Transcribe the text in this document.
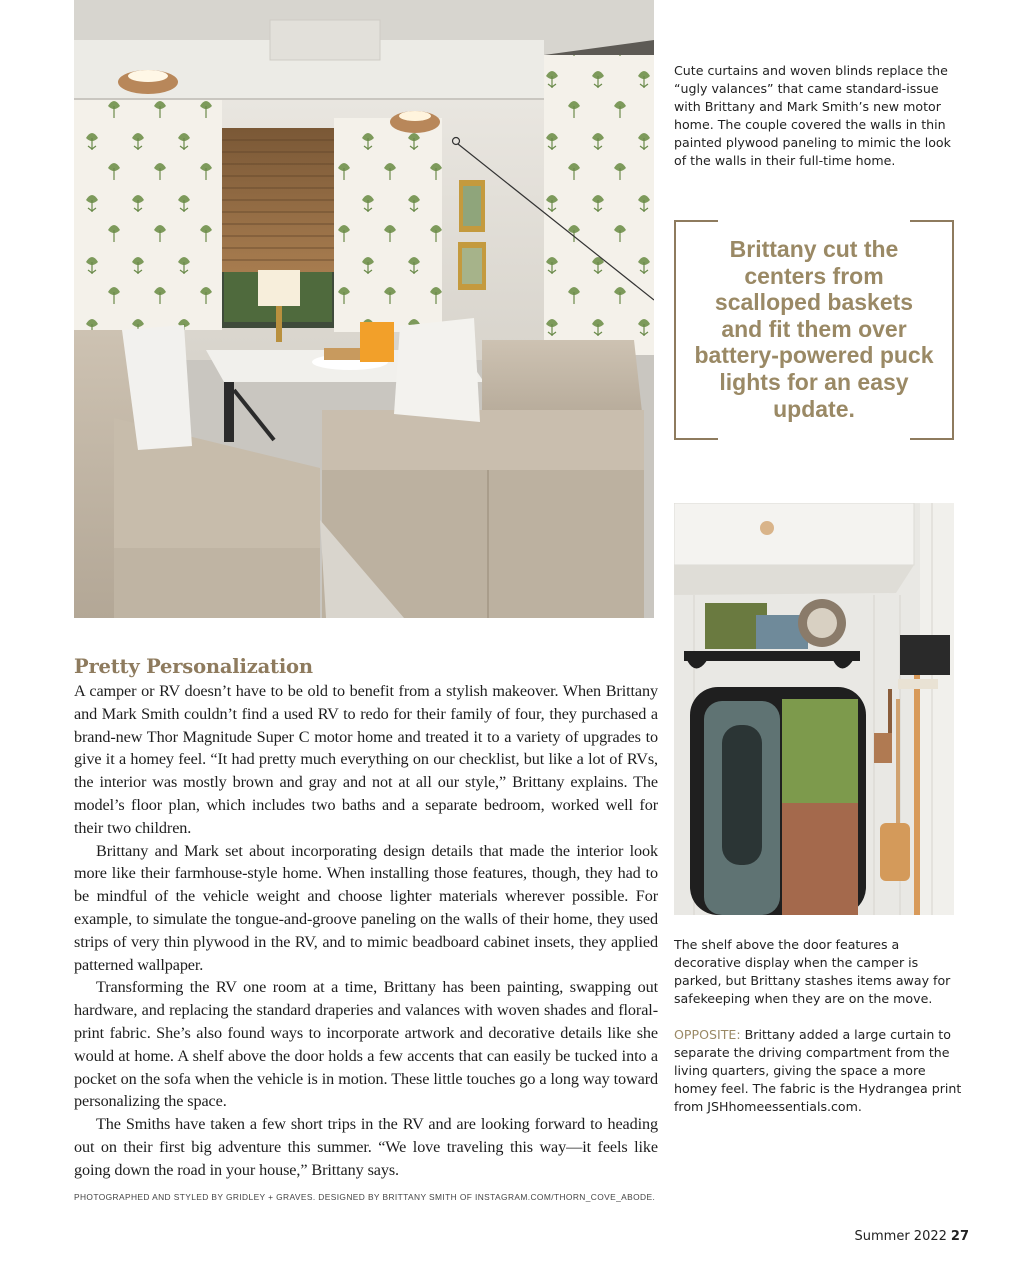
Cute curtains and woven blinds replace the “ugly valances” that came standard-issue with Brittany and Mark Smith’s new motor home. The couple covered the walls in thin painted plywood paneling to mimic the look of the walls in their full-time home.
Brittany cut the centers from scalloped baskets and fit them over battery-powered puck lights for an easy update.

The shelf above the door features a decorative display when the camper is parked, but Brittany stashes items away for safekeeping when they are on the move.

OPPOSITE: Brittany added a large curtain to separate the driving compartment from the living quarters, giving the space a more homey feel. The fabric is the Hydrangea print from JSHhomeessentials.com.

Pretty Personalization

A camper or RV doesn’t have to be old to benefit from a stylish makeover. When Brittany and Mark Smith couldn’t find a used RV to redo for their family of four, they purchased a brand-new Thor Magnitude Super C motor home and treated it to a variety of upgrades to give it a homey feel. “It had pretty much everything on our checklist, but like a lot of RVs, the interior was mostly brown and gray and not at all our style,” Brittany explains. The model’s floor plan, which includes two baths and a separate bedroom, worked well for their two children.

Brittany and Mark set about incorporating design details that made the interior look more like their farmhouse-style home. When installing those features, though, they had to be mindful of the vehicle weight and choose lighter materials wherever possible. For example, to simulate the tongue-and-groove paneling on the walls of their home, they used strips of very thin plywood in the RV, and to mimic beadboard cabinet insets, they applied patterned wallpaper.

Transforming the RV one room at a time, Brittany has been painting, swapping out hardware, and replacing the standard draperies and valances with woven shades and floral-print fabric. She’s also found ways to incorporate artwork and decorative details like she would at home. A shelf above the door holds a few accents that can easily be tucked into a pocket on the sofa when the vehicle is in motion. These little touches go a long way toward personalizing the space.

The Smiths have taken a few short trips in the RV and are looking forward to heading out on their first big adventure this summer. “We love traveling this way—it feels like going down the road in your house,” Brittany says.

PHOTOGRAPHED AND STYLED BY GRIDLEY + GRAVES. DESIGNED BY BRITTANY SMITH OF INSTAGRAM.COM/THORN_COVE_ABODE.
Summer 2022 27
